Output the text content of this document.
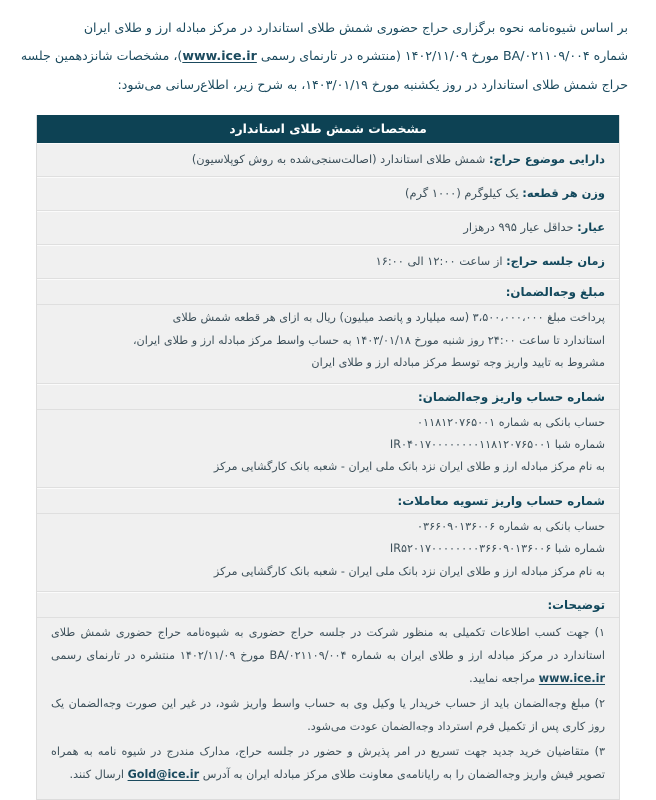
بر اساس شیوه‌نامه نحوه برگزاری حراج حضوری شمش طلای استاندارد در مرکز مبادله ارز و طلای ایران
شماره BA/۰۲۱۱۰۹/۰۰۴ مورخ ۱۴۰۲/۱۱/۰۹ (منتشره در تارنمای رسمی www.ice.ir)، مشخصات شانزدهمین جلسه
حراج شمش طلای استاندارد در روز یکشنبه مورخ ۱۴۰۳/۰۱/۱۹، به شرح زیر، اطلاع‌رسانی می‌شود:
مشخصات شمش طلای استاندارد
دارایی موضوع حراج: شمش طلای استاندارد (اصالت‌سنجی‌شده به روش کوپلاسیون)
وزن هر قطعه: یک کیلوگرم (۱۰۰۰ گرم)
عیار: حداقل عیار ۹۹۵ درهزار
زمان جلسه حراج: از ساعت ۱۲:۰۰ الی ۱۶:۰۰
مبلغ وجه‌الضمان:

پرداخت مبلغ ۳،۵۰۰،۰۰۰،۰۰۰ (سه میلیارد و پانصد میلیون) ریال به ازای هر قطعه شمش طلای

استاندارد تا ساعت ۲۴:۰۰ روز شنبه مورخ ۱۴۰۳/۰۱/۱۸ به حساب واسط مرکز مبادله ارز و طلای ایران،

مشروط به تایید واریز وجه توسط مرکز مبادله ارز و طلای ایران

شماره حساب واریز وجه‌الضمان:

حساب بانکی به شماره ۰۱۱۸۱۲۰۷۶۵۰۰۱

شماره شبا IR۰۴۰۱۷۰۰۰۰۰۰۰۰۱۱۸۱۲۰۷۶۵۰۰۱

به نام مرکز مبادله ارز و طلای ایران نزد بانک ملی ایران - شعبه بانک کارگشایی مرکز

شماره حساب واریز تسویه معاملات:

حساب بانکی به شماره ۰۳۶۶۰۹۰۱۳۶۰۰۶

شماره شبا IR۵۲۰۱۷۰۰۰۰۰۰۰۰۳۶۶۰۹۰۱۳۶۰۰۶

به نام مرکز مبادله ارز و طلای ایران نزد بانک ملی ایران - شعبه بانک کارگشایی مرکز

توضیحات:

۱) جهت کسب اطلاعات تکمیلی به منظور شرکت در جلسه حراج حضوری به شیوه‌نامه حراج حضوری شمش طلای استاندارد در مرکز مبادله ارز و طلای ایران به شماره BA/۰۲۱۱۰۹/۰۰۴ مورخ ۱۴۰۲/۱۱/۰۹ منتشره در تارنمای رسمی www.ice.ir مراجعه نمایید.

۲) مبلغ وجه‌الضمان باید از حساب خریدار یا وکیل وی به حساب واسط واریز شود، در غیر این صورت وجه‌الضمان یک روز کاری پس از تکمیل فرم استرداد وجه‌الضمان عودت می‌شود.

۳) متقاضیان خرید جدید جهت تسریع در امر پذیرش و حضور در جلسه حراج، مدارک مندرج در شیوه نامه به همراه تصویر فیش واریز وجه‌الضمان را به رایانامه‌ی معاونت طلای مرکز مبادله ایران به آدرس Gold@ice.ir ارسال کنند.
